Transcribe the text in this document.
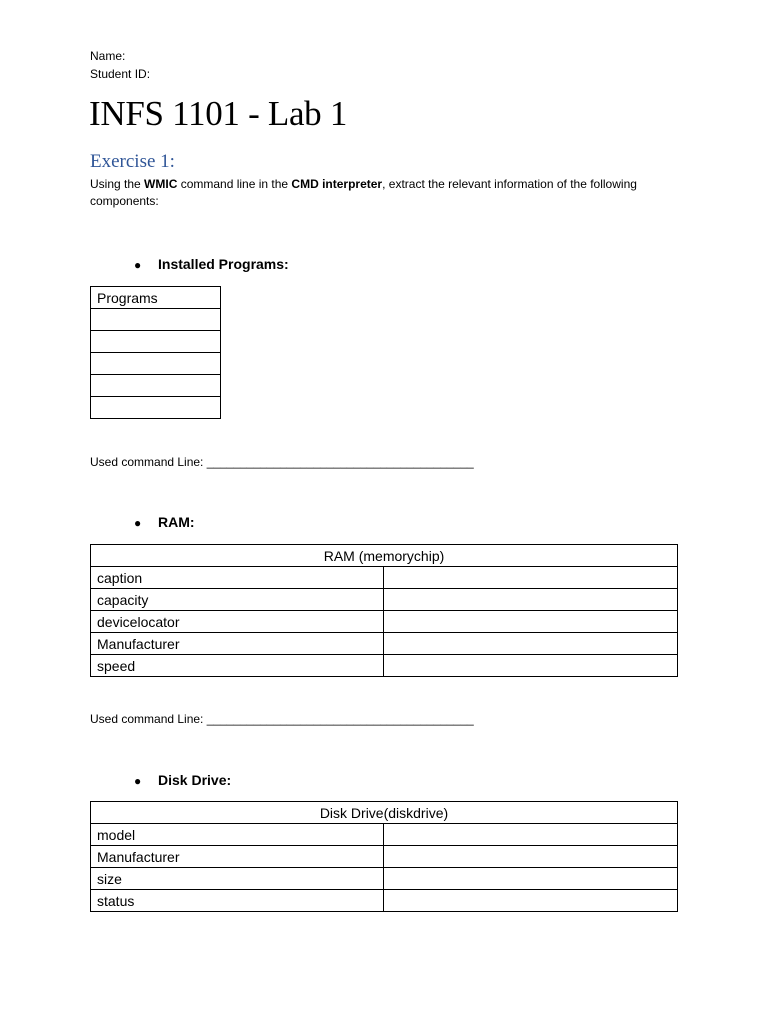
Name:
Student ID:
INFS 1101 - Lab 1
Exercise 1:
Using the WMIC command line in the CMD interpreter, extract the relevant information of the following components:
● Installed Programs:
Programs

Used command Line: ________________________________________
● RAM:
RAM (memorychip)	
caption	
capacity	
devicelocator	
Manufacturer	
speed	
Used command Line: ________________________________________
● Disk Drive:
Disk Drive(diskdrive)	
model	
Manufacturer	
size	
status	
